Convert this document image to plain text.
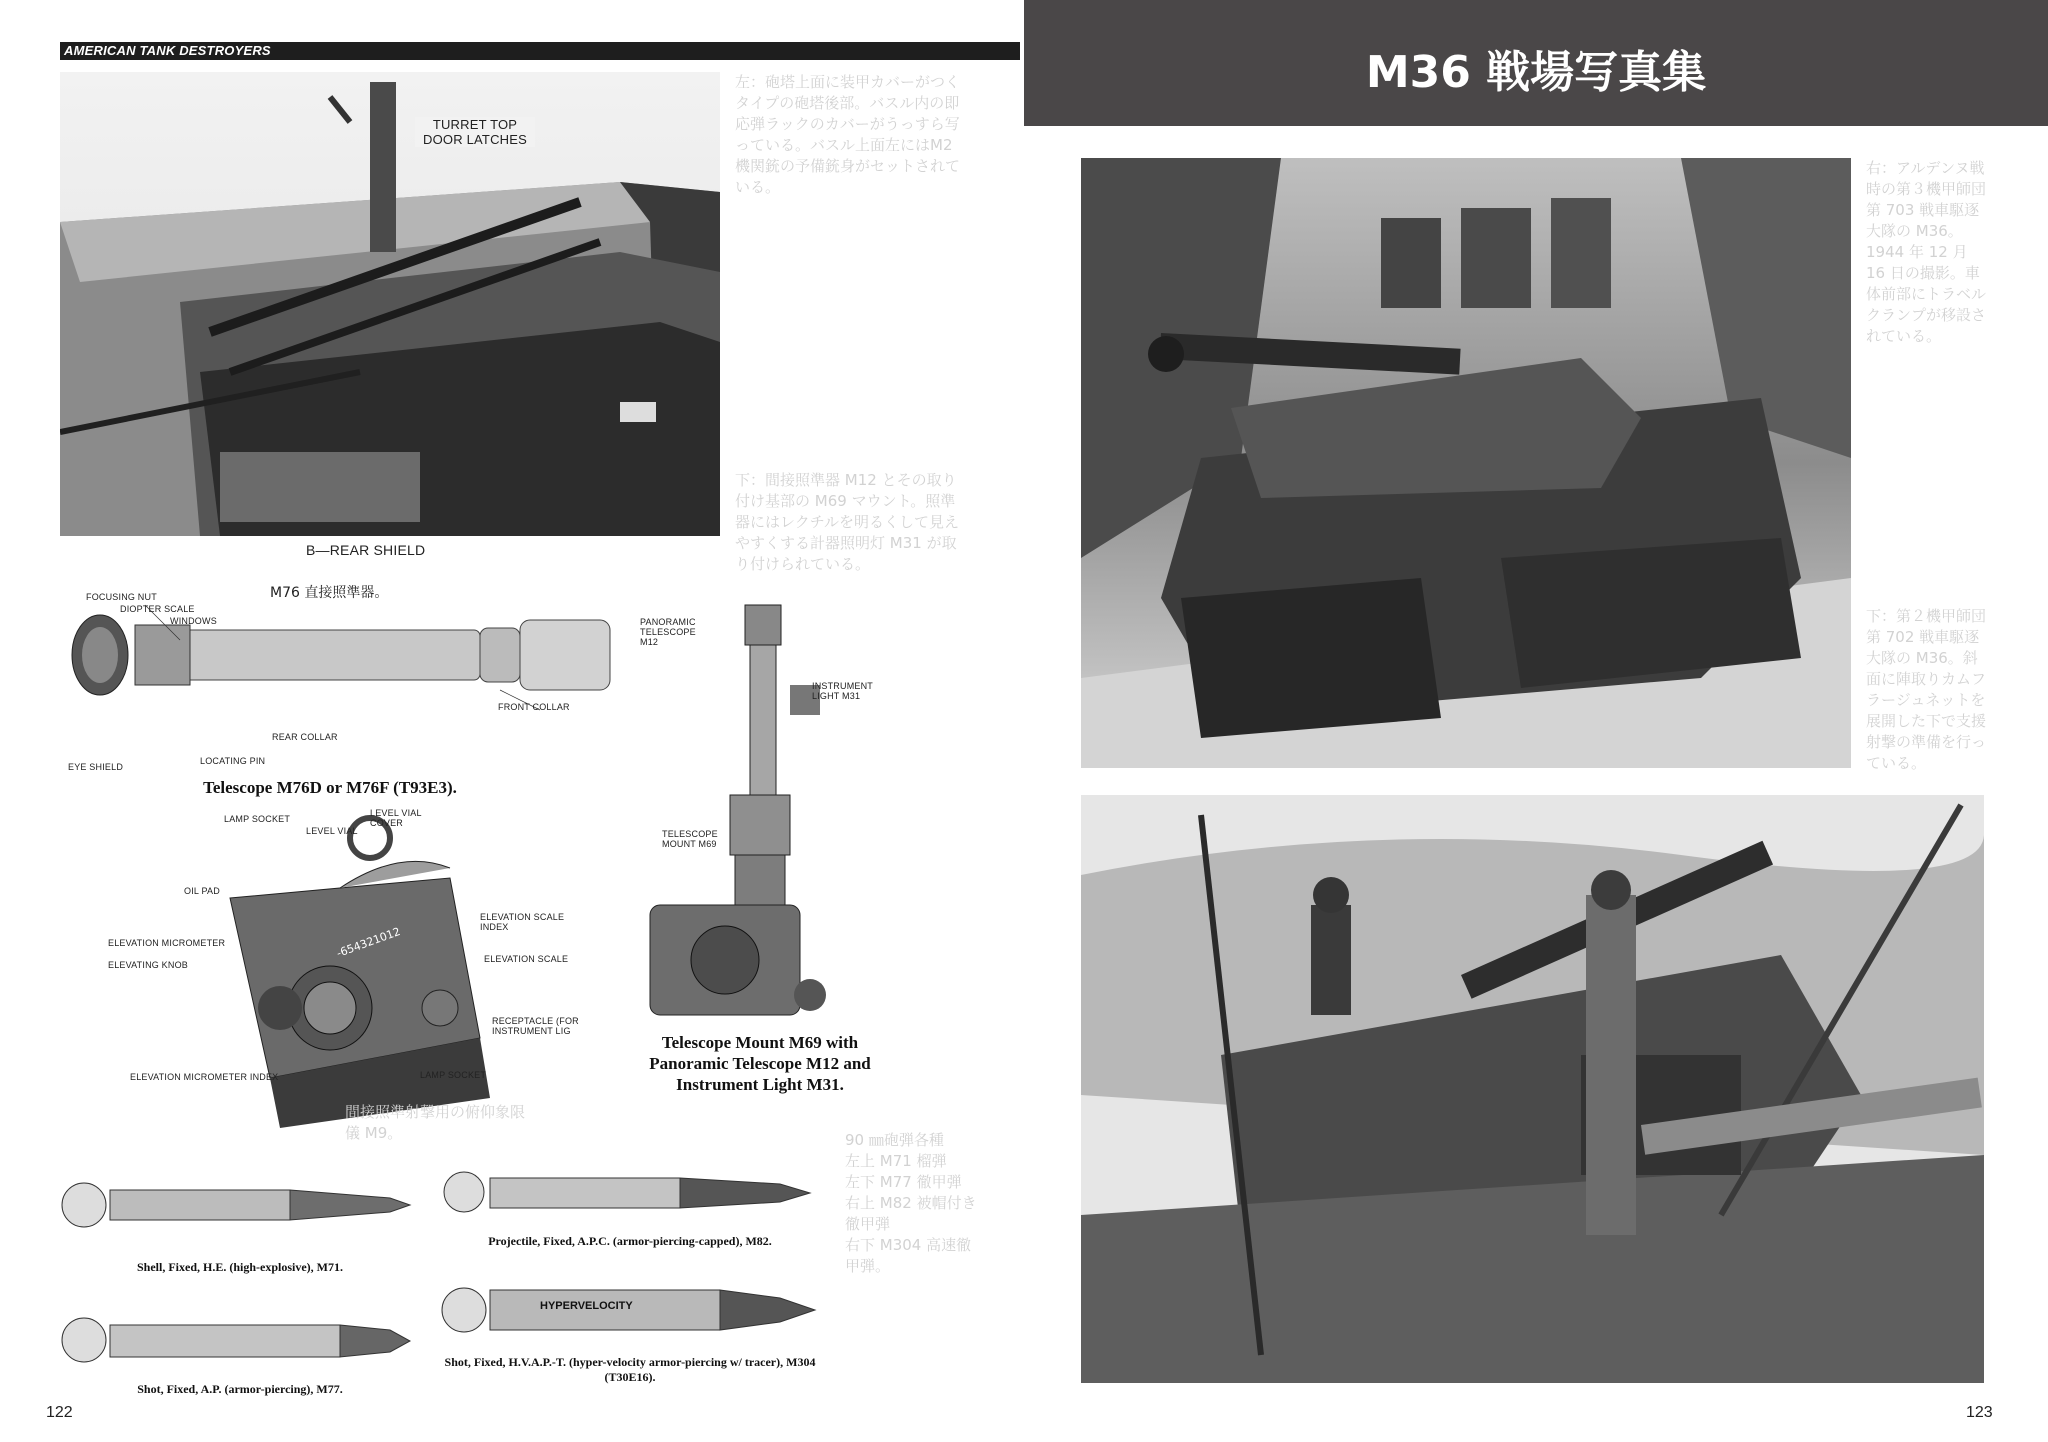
AMERICAN TANK DESTROYERS
TURRET TOP
DOOR LATCHES
B—REAR SHIELD
左：砲塔上面に装甲カバーがつくタイプの砲塔後部。バスル内の即応弾ラックのカバーがうっすら写っている。バスル上面左にはM2 機関銃の予備銃身がセットされている。
下：間接照準器 M12 とその取り付け基部の M69 マウント。照準器にはレクチルを明るくして見えやすくする計器照明灯 M31 が取り付けられている。
M76 直接照準器。
FOCUSING NUT
DIOPTER SCALE
WINDOWS
EYE SHIELD
LOCATING PIN
REAR COLLAR
FRONT COLLAR
Telescope M76D or M76F (T93E3).
-654321012
LAMP SOCKET
LEVEL VIAL
LEVEL VIAL COVER
OIL PAD
ELEVATION SCALE INDEX
ELEVATION SCALE
ELEVATION MICROMETER
ELEVATING KNOB
RECEPTACLE (FOR INSTRUMENT LIG
LAMP SOCKET
ELEVATION MICROMETER INDEX
間接照準射撃用の俯仰象限儀 M9。
PANORAMIC TELESCOPE M12
INSTRUMENT LIGHT M31
TELESCOPE MOUNT M69
Telescope Mount M69 with
Panoramic Telescope M12 and
Instrument Light M31.
Shell, Fixed, H.E. (high-explosive), M71.
Projectile, Fixed, A.P.C. (armor-piercing-capped), M82.
Shot, Fixed, A.P. (armor-piercing), M77.
HYPERVELOCITY
Shot, Fixed, H.V.A.P.-T. (hyper-velocity armor-piercing w/ tracer), M304
(T30E16).
90 ㎜砲弾各種
左上 M71 榴弾
左下 M77 徹甲弾
右上 M82 被帽付き徹甲弾
右下 M304 高速徹甲弾。
122
M36 戦場写真集
右：アルデンヌ戦時の第３機甲師団第 703 戦車駆逐大隊の M36。1944 年 12 月 16 日の撮影。車体前部にトラベルクランプが移設されている。
下：第２機甲師団第 702 戦車駆逐大隊の M36。斜面に陣取りカムフラージュネットを展開した下で支援射撃の準備を行っている。
123
